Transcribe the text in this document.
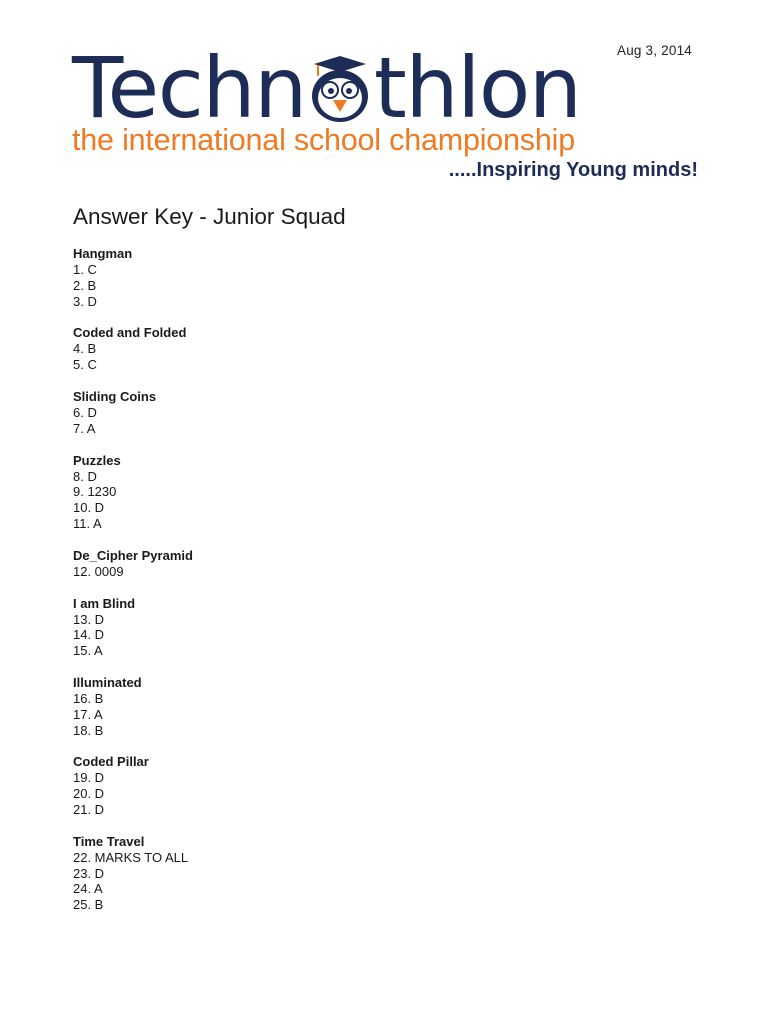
Aug 3, 2014
Techn thlon
the international school championship
.....Inspiring Young minds!
Answer Key - Junior Squad
Hangman
1. C
2. B
3. D
Coded and Folded
4. B
5. C
Sliding Coins
6. D
7. A
Puzzles
8. D
9. 1230
10. D
11. A
De_Cipher Pyramid
12. 0009
I am Blind
13. D
14. D
15. A
Illuminated
16. B
17. A
18. B
Coded Pillar
19. D
20. D
21. D
Time Travel
22. MARKS TO ALL
23. D
24. A
25. B
